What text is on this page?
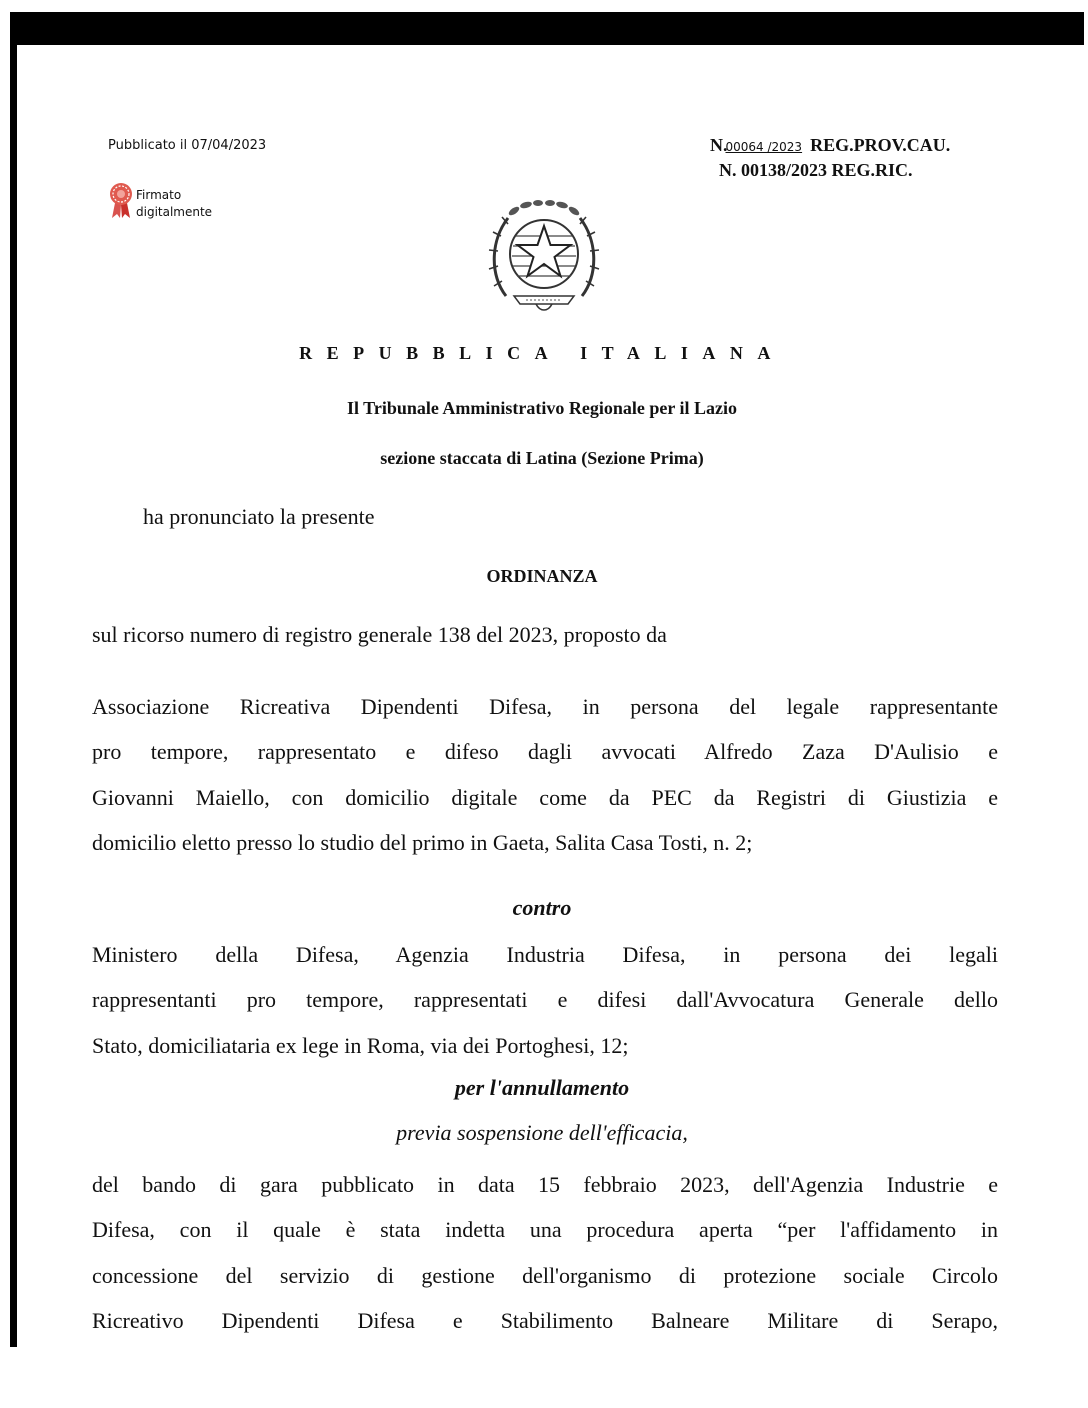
Pubblicato il 07/04/2023
Firmato
digitalmente
N.00064 /2023 REG.PROV.CAU.
N. 00138/2023 REG.RIC.
REPUBBLICA ITALIANA
Il Tribunale Amministrativo Regionale per il Lazio
sezione staccata di Latina (Sezione Prima)
ha pronunciato la presente
ORDINANZA
sul ricorso numero di registro generale 138 del 2023, proposto da
Associazione Ricreativa Dipendenti Difesa, in persona del legale rappresentante
pro tempore, rappresentato e difeso dagli avvocati Alfredo Zaza D'Aulisio e
Giovanni Maiello, con domicilio digitale come da PEC da Registri di Giustizia e
domicilio eletto presso lo studio del primo in Gaeta, Salita Casa Tosti, n. 2;
contro
Ministero della Difesa, Agenzia Industria Difesa, in persona dei legali
rappresentanti pro tempore, rappresentati e difesi dall'Avvocatura Generale dello
Stato, domiciliataria ex lege in Roma, via dei Portoghesi, 12;
per l'annullamento
previa sospensione dell'efficacia,
del bando di gara pubblicato in data 15 febbraio 2023, dell'Agenzia Industrie e
Difesa, con il quale è stata indetta una procedura aperta “per l'affidamento in
concessione del servizio di gestione dell'organismo di protezione sociale Circolo
Ricreativo Dipendenti Difesa e Stabilimento Balneare Militare di Serapo,
